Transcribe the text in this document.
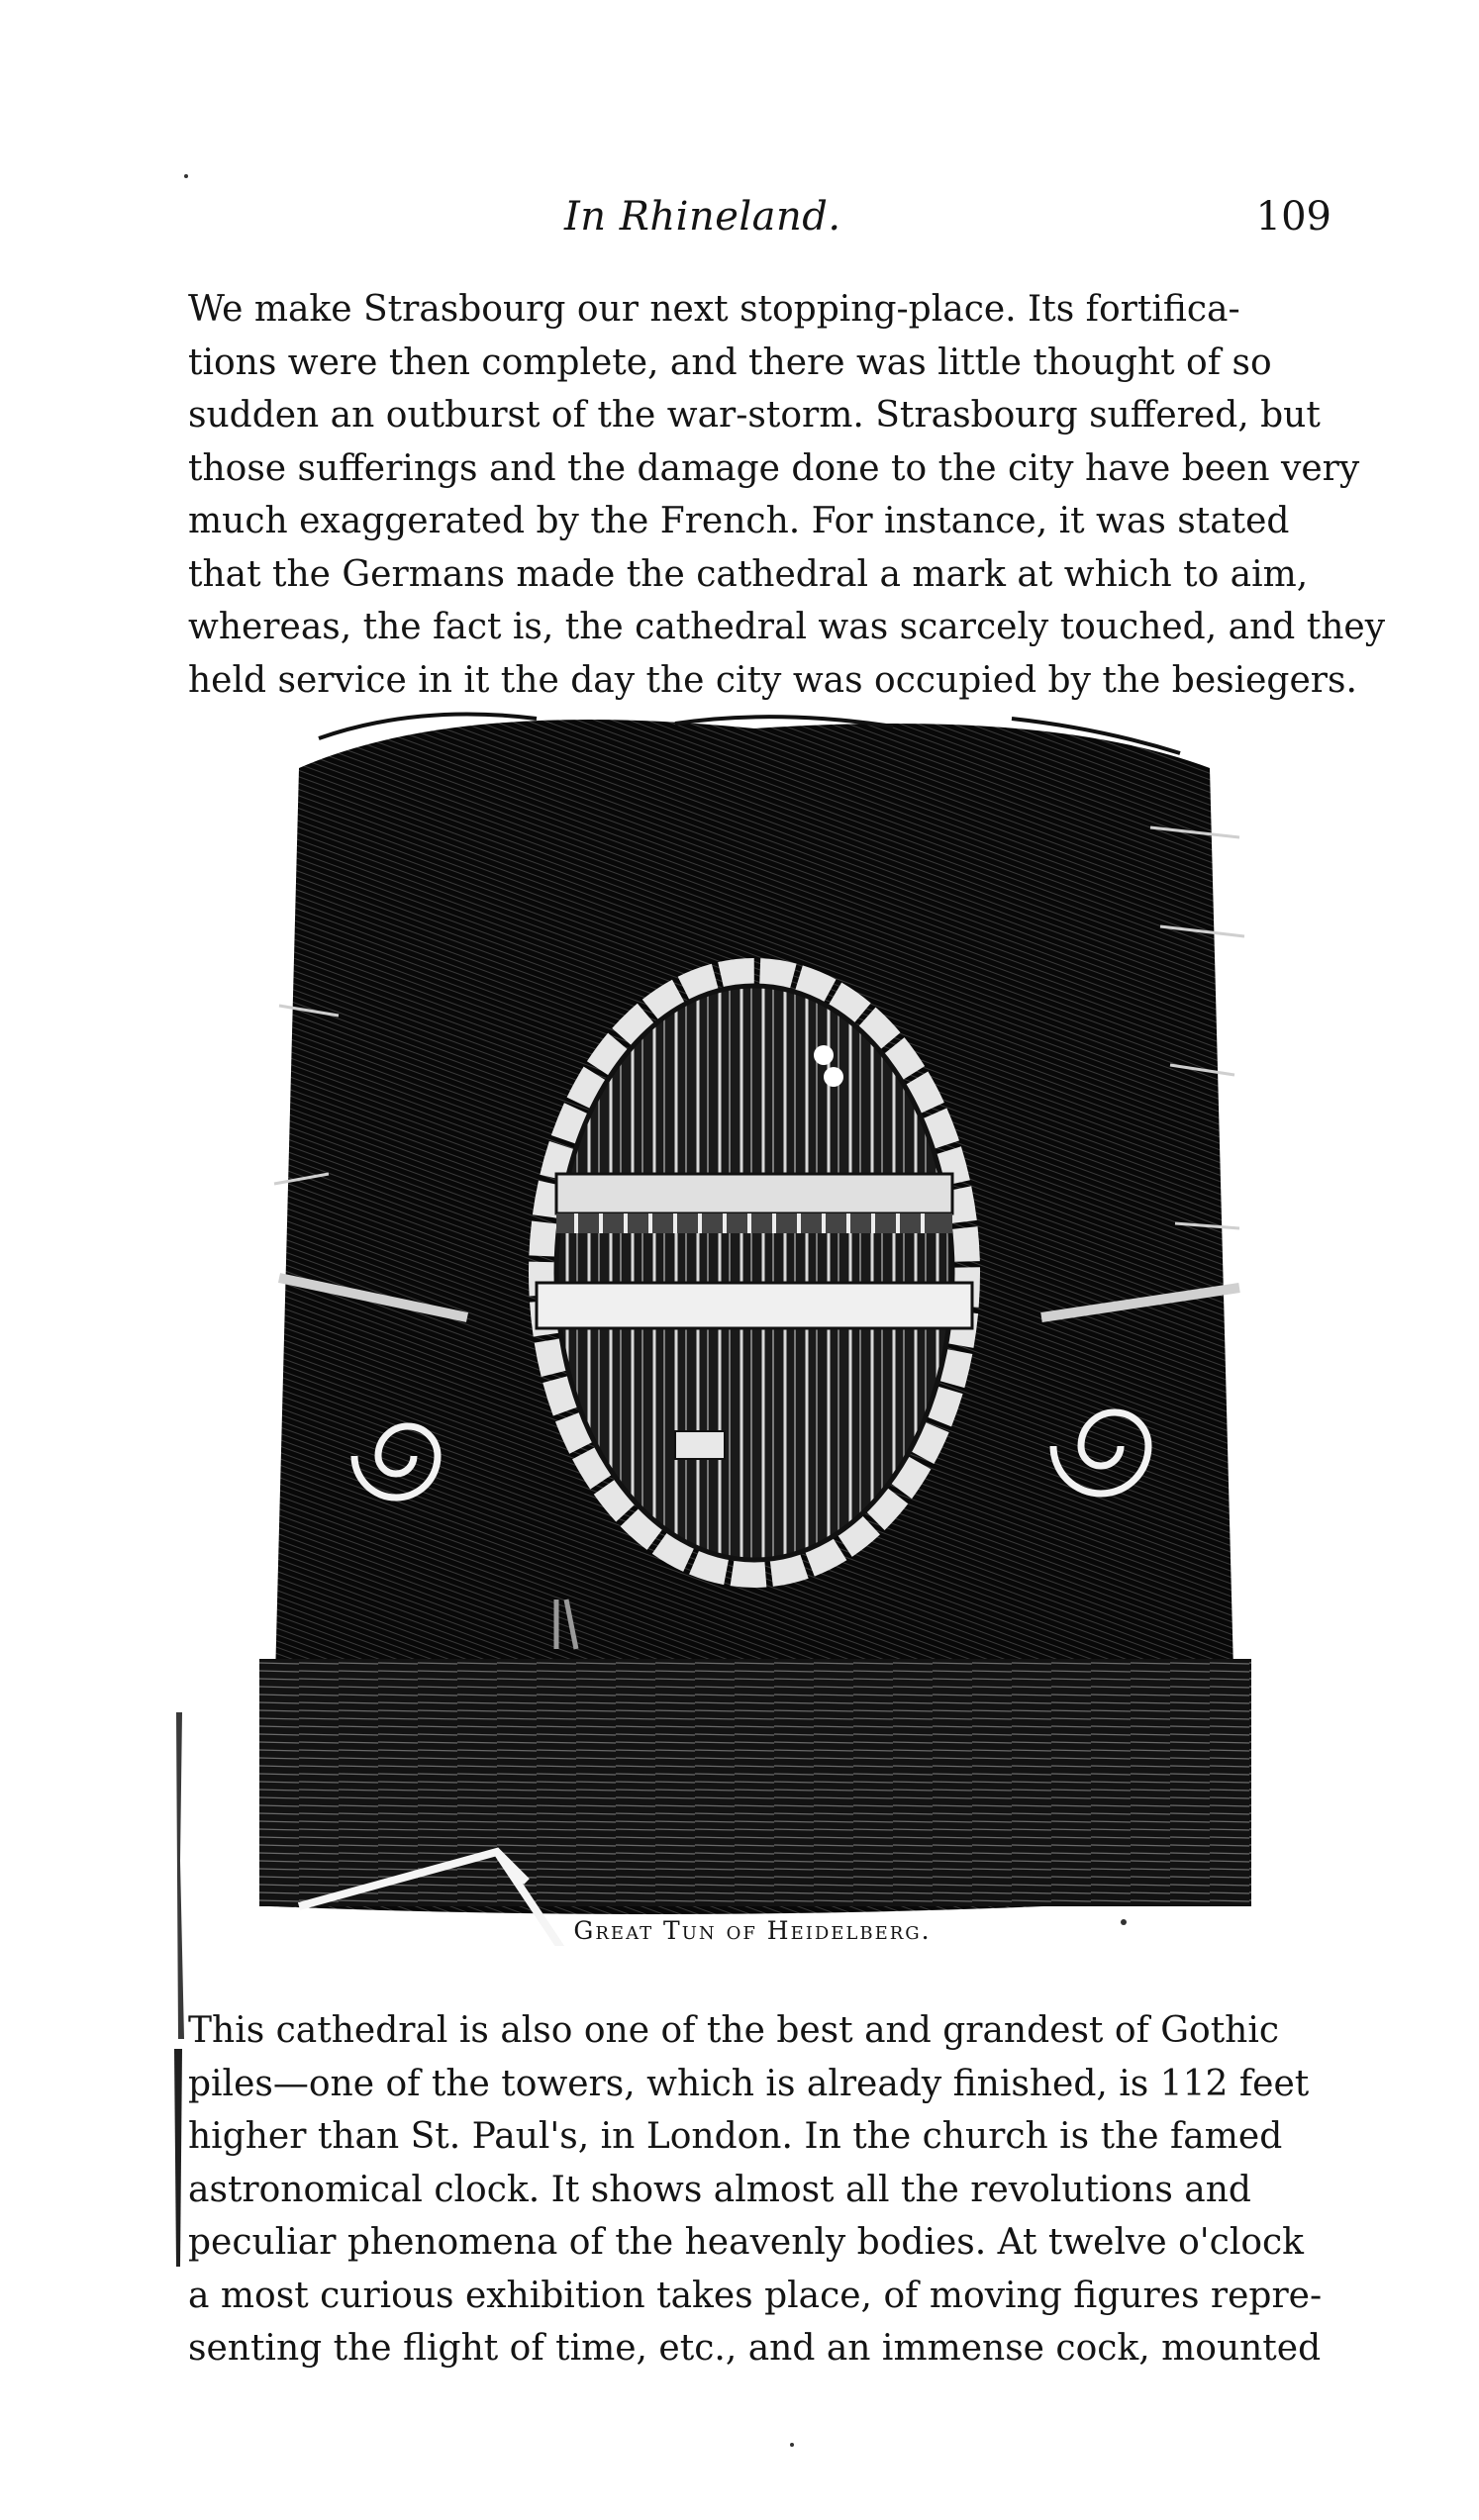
In Rhineland.	109

We make Strasbourg our next stopping-place. Its fortifica-
tions were then complete, and there was little thought of so
sudden an outburst of the war-storm. Strasbourg suffered, but
those sufferings and the damage done to the city have been very
much exaggerated by the French. For instance, it was stated
that the Germans made the cathedral a mark at which to aim,
whereas, the fact is, the cathedral was scarcely touched, and they
held service in it the day the city was occupied by the besiegers.

Great Tun of Heidelberg.

This cathedral is also one of the best and grandest of Gothic
piles—one of the towers, which is already finished, is 112 feet
higher than St. Paul's, in London. In the church is the famed
astronomical clock. It shows almost all the revolutions and
peculiar phenomena of the heavenly bodies. At twelve o'clock
a most curious exhibition takes place, of moving figures repre-
senting the flight of time, etc., and an immense cock, mounted
